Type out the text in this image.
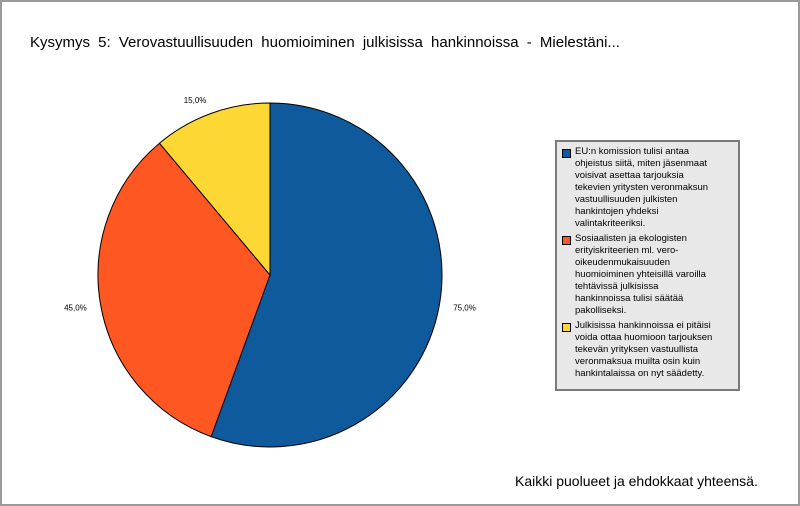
Kysymys 5: Verovastuullisuuden huomioiminen julkisissa hankinnoissa - Mielestäni...
75,0%
45,0%
15,0%
EU:n komission tulisi antaa
ohjeistus siitä, miten jäsenmaat
voisivat asettaa tarjouksia
tekevien yritysten veronmaksun
vastuullisuuden julkisten
hankintojen yhdeksi
valintakriteeriksi.
Sosiaalisten ja ekologisten
erityiskriteerien ml. vero-
oikeudenmukaisuuden
huomioiminen yhteisillä varoilla
tehtävissä julkisissa
hankinnoissa tulisi säätää
pakolliseksi.
Julkisissa hankinnoissa ei pitäisi
voida ottaa huomioon tarjouksen
tekevän yrityksen vastuullista
veronmaksua muilta osin kuin
hankintalaissa on nyt säädetty.
Kaikki puolueet ja ehdokkaat yhteensä.
